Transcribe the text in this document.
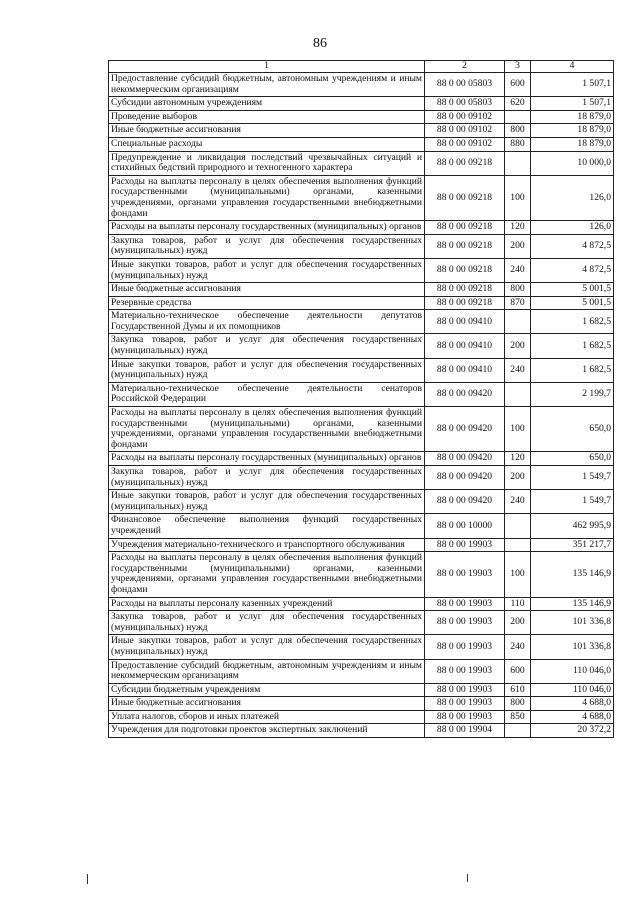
86
1	2	3	4
Предоставление субсидий бюджетным, автономным учреждениям и иным некоммерческим организациям	88 0 00 05803	600	1 507,1
Субсидии автономным учреждениям	88 0 00 05803	620	1 507,1
Проведение выборов	88 0 00 09102		18 879,0
Иные бюджетные ассигнования	88 0 00 09102	800	18 879,0
Специальные расходы	88 0 00 09102	880	18 879,0
Предупреждение и ликвидация последствий чрезвычайных ситуаций и стихийных бедствий природного и техногенного характера	88 0 00 09218		10 000,0
Расходы на выплаты персоналу в целях обеспечения выполнения функций государственными (муниципальными) органами, казенными учреждениями, органами управления государственными внебюджетными фондами	88 0 00 09218	100	126,0
Расходы на выплаты персоналу государственных (муниципальных) органов	88 0 00 09218	120	126,0
Закупка товаров, работ и услуг для обеспечения государственных (муниципальных) нужд	88 0 00 09218	200	4 872,5
Иные закупки товаров, работ и услуг для обеспечения государственных (муниципальных) нужд	88 0 00 09218	240	4 872,5
Иные бюджетные ассигнования	88 0 00 09218	800	5 001,5
Резервные средства	88 0 00 09218	870	5 001,5
Материально-техническое обеспечение деятельности депутатов Государственной Думы и их помощников	88 0 00 09410		1 682,5
Закупка товаров, работ и услуг для обеспечения государственных (муниципальных) нужд	88 0 00 09410	200	1 682,5
Иные закупки товаров, работ и услуг для обеспечения государственных (муниципальных) нужд	88 0 00 09410	240	1 682,5
Материально-техническое обеспечение деятельности сенаторов Российской Федерации	88 0 00 09420		2 199,7
Расходы на выплаты персоналу в целях обеспечения выполнения функций государственными (муниципальными) органами, казенными учреждениями, органами управления государственными внебюджетными фондами	88 0 00 09420	100	650,0
Расходы на выплаты персоналу государственных (муниципальных) органов	88 0 00 09420	120	650,0
Закупка товаров, работ и услуг для обеспечения государственных (муниципальных) нужд	88 0 00 09420	200	1 549,7
Иные закупки товаров, работ и услуг для обеспечения государственных (муниципальных) нужд	88 0 00 09420	240	1 549,7
Финансовое обеспечение выполнения функций государственных учреждений	88 0 00 10000		462 995,9
Учреждения материально-технического и транспортного обслуживания	88 0 00 19903		351 217,7
Расходы на выплаты персоналу в целях обеспечения выполнения функций государственными (муниципальными) органами, казенными учреждениями, органами управления государственными внебюджетными фондами	88 0 00 19903	100	135 146,9
Расходы на выплаты персоналу казенных учреждений	88 0 00 19903	110	135 146,9
Закупка товаров, работ и услуг для обеспечения государственных (муниципальных) нужд	88 0 00 19903	200	101 336,8
Иные закупки товаров, работ и услуг для обеспечения государственных (муниципальных) нужд	88 0 00 19903	240	101 336,8
Предоставление субсидий бюджетным, автономным учреждениям и иным некоммерческим организациям	88 0 00 19903	600	110 046,0
Субсидии бюджетным учреждениям	88 0 00 19903	610	110 046,0
Иные бюджетные ассигнования	88 0 00 19903	800	4 688,0
Уплата налогов, сборов и иных платежей	88 0 00 19903	850	4 688,0
Учреждения для подготовки проектов экспертных заключений	88 0 00 19904		20 372,2
